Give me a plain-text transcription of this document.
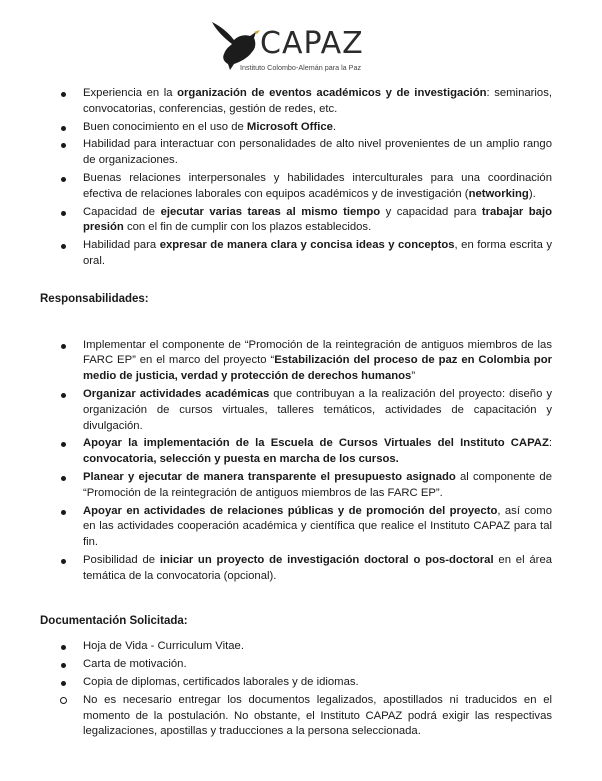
CAPAZ
Instituto Colombo-Alemán para la Paz
Experiencia en la organización de eventos académicos y de investigación: seminarios, convocatorias, conferencias, gestión de redes, etc.
Buen conocimiento en el uso de Microsoft Office.
Habilidad para interactuar con personalidades de alto nivel provenientes de un amplio rango de organizaciones.
Buenas relaciones interpersonales y habilidades interculturales para una coordinación efectiva de relaciones laborales con equipos académicos y de investigación (networking).
Capacidad de ejecutar varias tareas al mismo tiempo y capacidad para trabajar bajo presión con el fin de cumplir con los plazos establecidos.
Habilidad para expresar de manera clara y concisa ideas y conceptos, en forma escrita y oral.

Responsabilidades:

Implementar el componente de “Promoción de la reintegración de antiguos miembros de las FARC EP” en el marco del proyecto “Estabilización del proceso de paz en Colombia por medio de justicia, verdad y protección de derechos humanos”
Organizar actividades académicas que contribuyan a la realización del proyecto: diseño y organización de cursos virtuales, talleres temáticos, actividades de capacitación y divulgación.
Apoyar la implementación de la Escuela de Cursos Virtuales del Instituto CAPAZ: convocatoria, selección y puesta en marcha de los cursos.
Planear y ejecutar de manera transparente el presupuesto asignado al componente de “Promoción de la reintegración de antiguos miembros de las FARC EP”.
Apoyar en actividades de relaciones públicas y de promoción del proyecto, así como en las actividades cooperación académica y científica que realice el Instituto CAPAZ para tal fin.
Posibilidad de iniciar un proyecto de investigación doctoral o pos-doctoral en el área temática de la convocatoria (opcional).

Documentación Solicitada:

Hoja de Vida - Curriculum Vitae.
Carta de motivación.
Copia de diplomas, certificados laborales y de idiomas.
No es necesario entregar los documentos legalizados, apostillados ni traducidos en el momento de la postulación. No obstante, el Instituto CAPAZ podrá exigir las respectivas legalizaciones, apostillas y traducciones a la persona seleccionada.
